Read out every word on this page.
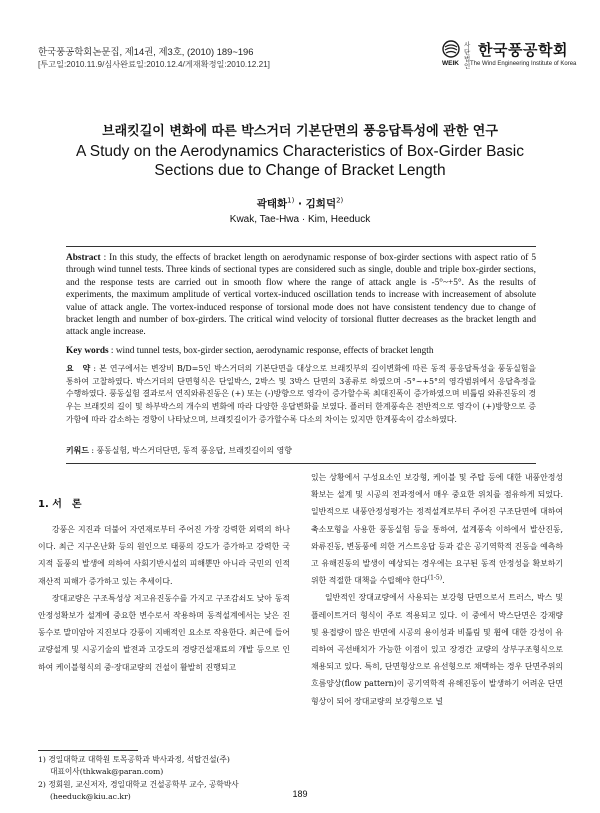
한국풍공학회논문집, 제14권, 제3호, (2010) 189~196
[투고일:2010.11.9/심사완료일:2010.12.4/게재확정일:2010.12.21]
사단 법인
한국풍공학회
WEIK The Wind Engineering Institute of Korea
브래킷길이 변화에 따른 박스거더 기본단면의 풍응답특성에 관한 연구
A Study on the Aerodynamics Characteristics of Box-Girder Basic
Sections due to Change of Bracket Length
곽태화$^{1)}$ · 김희덕$^{2)}$
Kwak, Tae-Hwa · Kim, Heeduck
Abstract : In this study, the effects of bracket length on aerodynamic response of box-girder sections with aspect ratio of 5 through wind tunnel tests. Three kinds of sectional types are considered such as single, double and triple box-girder sections, and the response tests are carried out in smooth flow where the range of attack angle is -5°~+5°. As the results of experiments, the maximum amplitude of vertical vortex-induced oscillation tends to increase with increasement of absolute value of attack angle. The vortex-induced response of torsional mode does not have consistent tendency due to change of bracket length and number of box-girders. The critical wind velocity of torsional flutter decreases as the bracket length and attack angle increase.
Key words : wind tunnel tests, box-girder section, aerodynamic response, effects of bracket length
요　약 : 본 연구에서는 변장비 B/D=5인 박스거더의 기본단면을 대상으로 브래킷부의 길이변화에 따른 동적 풍응답특성을 풍동실험을 통하여 고찰하였다. 박스거더의 단면형식은 단일박스, 2박스 및 3박스 단면의 3종류로 하였으며 -5°~+5°의 영각범위에서 응답측정을 수행하였다. 풍동실험 결과로서 연직와류진동은 (+) 또는 (-)방향으로 영각이 증가할수록 최대진폭이 증가하였으며 비틂림 와류진동의 경우는 브래킷의 길이 및 하부박스의 개수의 변화에 따라 다양한 응답변화를 보였다. 플러터 한계풍속은 전반적으로 영각이 (+)방향으로 증가함에 따라 감소하는 경향이 나타났으며, 브래킷길이가 증가할수록 다소의 차이는 있지만 한계풍속이 감소하였다.
키워드 : 풍동실험, 박스거더단면, 동적 풍응답, 브래킷길이의 영향
1. 서　론

강풍은 지진과 더불어 자연재로부터 주어진 가장 강력한 외력의 하나이다. 최근 지구온난화 등의 원인으로 태풍의 강도가 증가하고 강력한 국지적 돌풍의 발생에 의하여 사회기반시설의 피해뿐만 아니라 국민의 인적 재산적 피해가 증가하고 있는 추세이다.

장대교량은 구조특성상 저고유진동수를 가지고 구조감쇠도 낮아 동적 안정성확보가 설계에 중요한 변수로서 작용하며 동적설계에서는 낮은 진동수로 말미암아 지진보다 강풍이 지배적인 요소로 작용한다. 최근에 들어 교량설계 및 시공기술의 발전과 고강도의 경량건설재료의 개발 등으로 인하여 케이블형식의 중·장대교량의 건설이 활발히 진행되고

있는 상황에서 구성요소인 보강형, 케이블 및 주탑 등에 대한 내풍안정성 확보는 설계 및 시공의 전과정에서 매우 중요한 위치를 점유하게 되었다. 일반적으로 내풍안정성평가는 정적설계로부터 주어진 구조단면에 대하여 축소모형을 사용한 풍동실험 등을 통하여, 설계풍속 이하에서 발산진동, 와류진동, 변동풍에 의한 거스트응답 등과 같은 공기역학적 진동을 예측하고 유해진동의 발생이 예상되는 경우에는 요구된 동적 안정성을 확보하기 위한 적절한 대책을 수립해야 한다$^{(1-5)}$.

일반적인 장대교량에서 사용되는 보강형 단면으로서 트러스, 박스 및 플레이트거더 형식이 주로 적용되고 있다. 이 중에서 박스단면은 강재량 및 용접량이 많은 반면에 시공의 용이성과 비틂림 및 휨에 대한 강성이 유리하여 곡선배치가 가능한 이점이 있고 장경간 교량의 상부구조형식으로 채용되고 있다. 특히, 단면형상으로 유선형으로 채택하는 경우 단면주위의 흐름양상(flow pattern)이 공기역학적 유해진동이 발생하기 어려운 단면형상이 되어 장대교량의 보강형으로 널

1) 경일대학교 대학원 토목공학과 박사과정, 석탑건설(주)
대표이사(thkwak@paran.com)
2) 정회원, 교신저자, 경일대학교 건설공학부 교수, 공학박사
(heeduck@kiu.ac.kr)	189
